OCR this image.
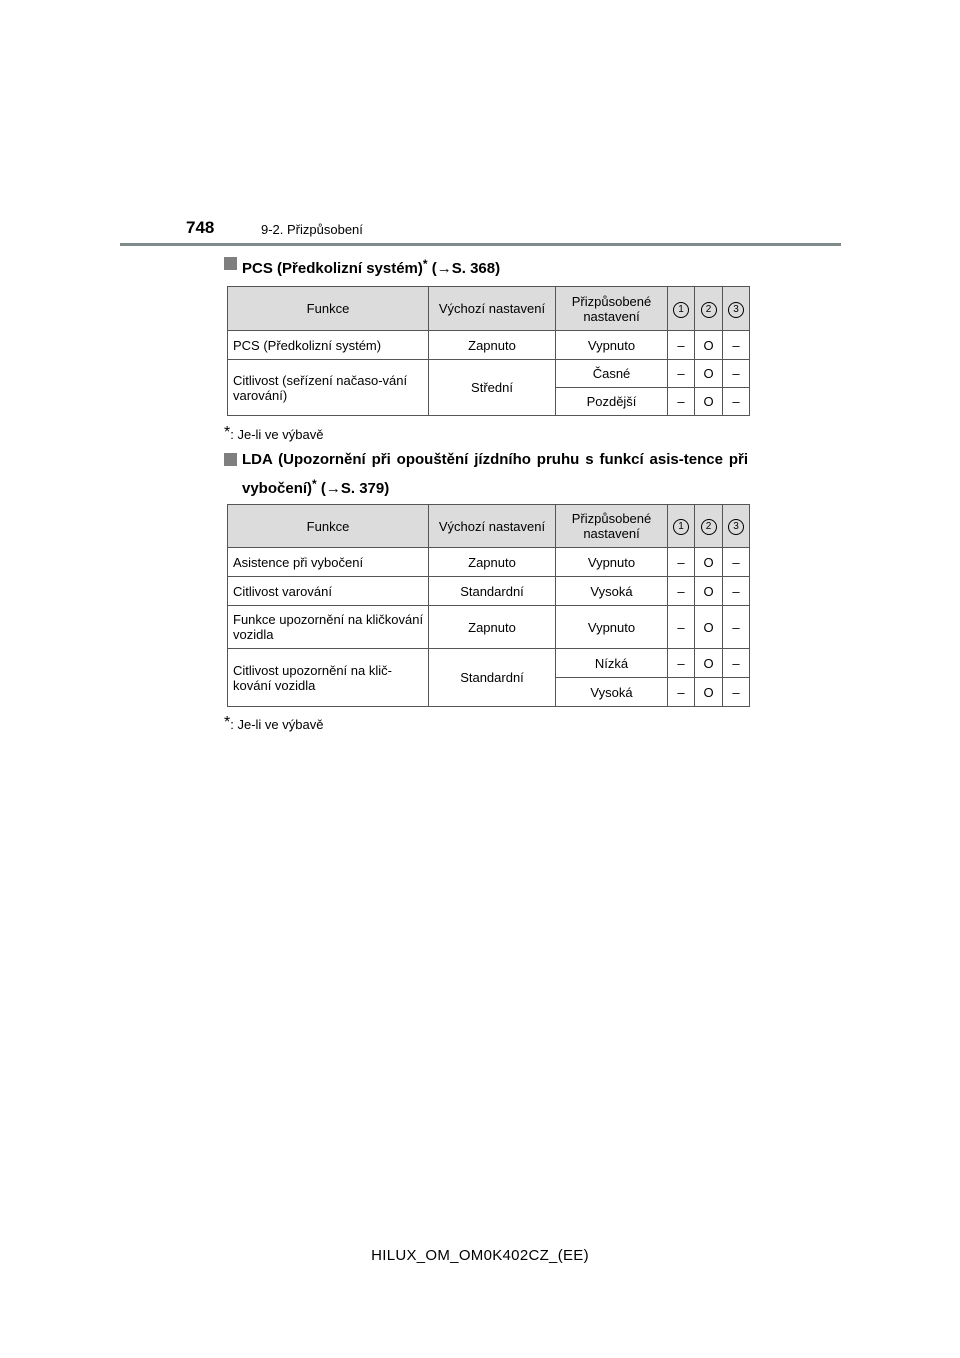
748	9-2. Přizpůsobení
PCS (Předkolizní systém)* (→S. 368)
Funkce	Výchozí nastavení	Přizpůsobené nastavení	1	2	3
PCS (Předkolizní systém)	Zapnuto	Vypnuto	–	O	–
Citlivost (seřízení načaso-vání varování)	Střední	Časné	–	O	–
		Pozdější	–	O	–
*: Je-li ve výbavě
LDA (Upozornění při opouštění jízdního pruhu s funkcí asis-tence při vybočení)* (→S. 379)
Funkce	Výchozí nastavení	Přizpůsobené nastavení	1	2	3
Asistence při vybočení	Zapnuto	Vypnuto	–	O	–
Citlivost varování	Standardní	Vysoká	–	O	–
Funkce upozornění na kličkování vozidla	Zapnuto	Vypnuto	–	O	–
Citlivost upozornění na klič-kování vozidla	Standardní	Nízká	–	O	–
		Vysoká	–	O	–
*: Je-li ve výbavě
HILUX_OM_OM0K402CZ_(EE)
